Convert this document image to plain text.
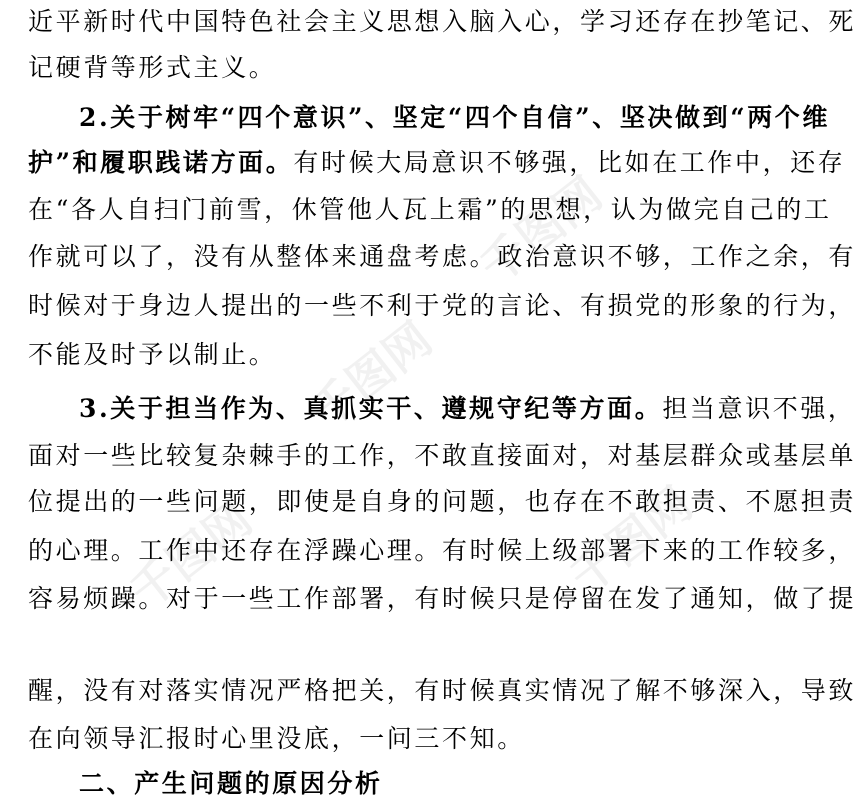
千图网
千图网
千图网	千图网
近平新时代中国特色社会主义思想入脑入心，学习还存在抄笔记、死
记硬背等形式主义。
2.关于树牢“四个意识”、坚定“四个自信”、坚决做到“两个维
护”和履职践诺方面。有时候大局意识不够强，比如在工作中，还存
在“各人自扫门前雪，休管他人瓦上霜”的思想，认为做完自己的工
作就可以了，没有从整体来通盘考虑。政治意识不够，工作之余，有
时候对于身边人提出的一些不利于党的言论、有损党的形象的行为，
不能及时予以制止。
3.关于担当作为、真抓实干、遵规守纪等方面。担当意识不强，
面对一些比较复杂棘手的工作，不敢直接面对，对基层群众或基层单
位提出的一些问题，即使是自身的问题，也存在不敢担责、不愿担责
的心理。工作中还存在浮躁心理。有时候上级部署下来的工作较多，
容易烦躁。对于一些工作部署，有时候只是停留在发了通知，做了提
醒，没有对落实情况严格把关，有时候真实情况了解不够深入，导致
在向领导汇报时心里没底，一问三不知。
二、产生问题的原因分析
